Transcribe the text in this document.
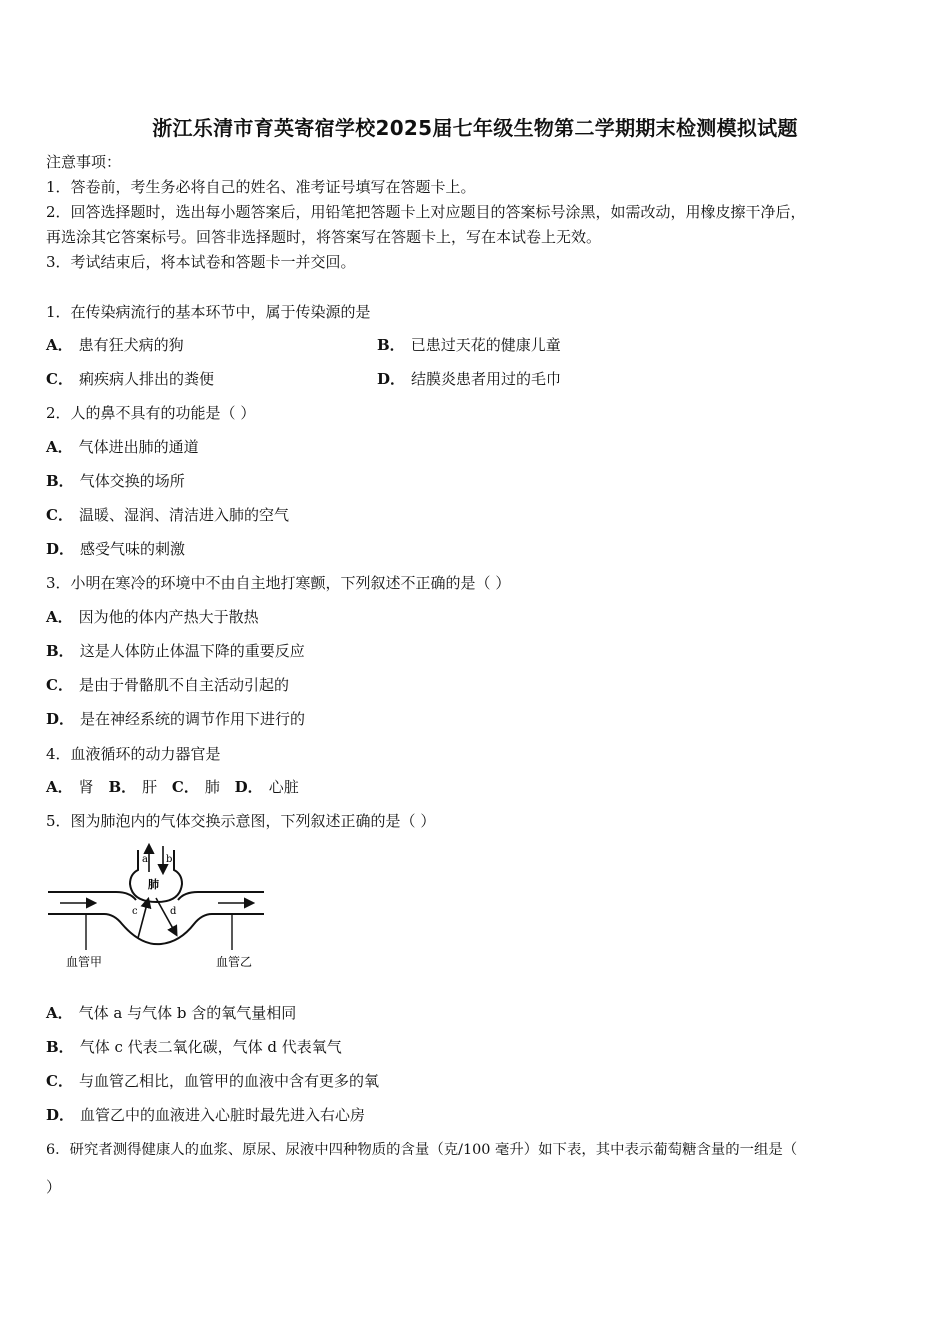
浙江乐清市育英寄宿学校2025届七年级生物第二学期期末检测模拟试题
注意事项：
1．答卷前，考生务必将自己的姓名、准考证号填写在答题卡上。
2．回答选择题时，选出每小题答案后，用铅笔把答题卡上对应题目的答案标号涂黑，如需改动，用橡皮擦干净后，
再选涂其它答案标号。回答非选择题时，将答案写在答题卡上，写在本试卷上无效。
3．考试结束后，将本试卷和答题卡一并交回。
1．在传染病流行的基本环节中，属于传染源的是
A． 患有狂犬病的狗	B． 已患过天花的健康儿童
C． 痢疾病人排出的粪便	D． 结膜炎患者用过的毛巾
2．人的鼻不具有的功能是（ ）
A． 气体进出肺的通道
B． 气体交换的场所
C． 温暖、湿润、清洁进入肺的空气
D． 感受气味的刺激
3．小明在寒冷的环境中不由自主地打寒颤，下列叙述不正确的是（ ）
A． 因为他的体内产热大于散热
B． 这是人体防止体温下降的重要反应
C． 是由于骨骼肌不自主活动引起的
D． 是在神经系统的调节作用下进行的
4．血液循环的动力器官是
A． 肾 B． 肝 C． 肺 D． 心脏
5．图为肺泡内的气体交换示意图，下列叙述正确的是（ ）
a b
肺
c	d
血管甲	血管乙
A． 气体 a 与气体 b 含的氧气量相同
B． 气体 c 代表二氧化碳，气体 d 代表氧气
C． 与血管乙相比，血管甲的血液中含有更多的氧
D． 血管乙中的血液进入心脏时最先进入右心房
6．研究者测得健康人的血浆、原尿、尿液中四种物质的含量（克/100 毫升）如下表，其中表示葡萄糖含量的一组是（
）
